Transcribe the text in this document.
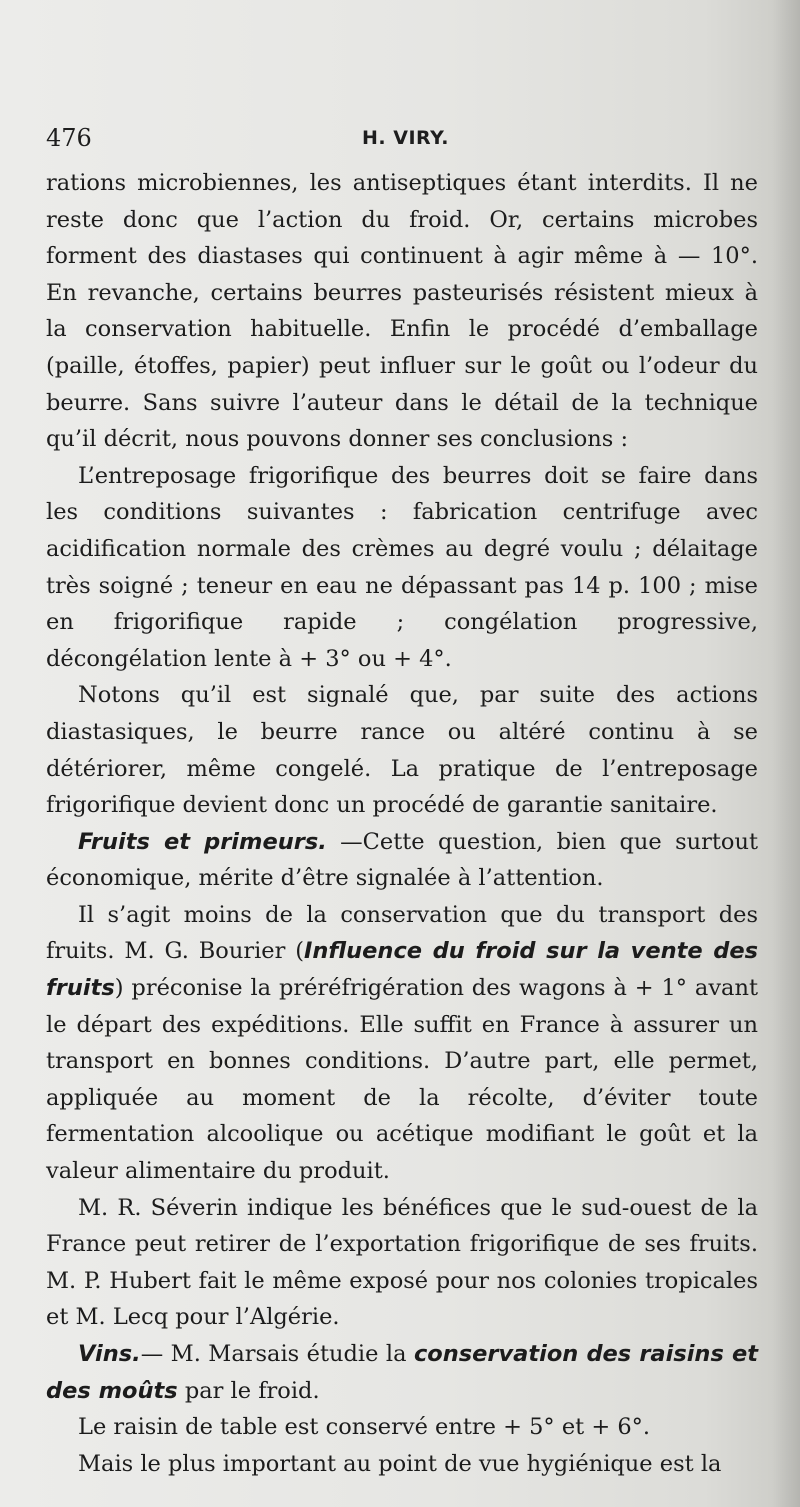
476	H. VIRY.

rations microbiennes, les antiseptiques étant interdits. Il ne reste donc que l’action du froid. Or, certains microbes forment des diastases qui continuent à agir même à — 10°. En revanche, certains beurres pasteurisés résistent mieux à la conservation habituelle. Enfin le procédé d’emballage (paille, étoffes, papier) peut influer sur le goût ou l’odeur du beurre. Sans suivre l’auteur dans le détail de la technique qu’il décrit, nous pouvons donner ses conclusions :

L’entreposage frigorifique des beurres doit se faire dans les conditions suivantes : fabrication centrifuge avec acidification normale des crèmes au degré voulu ; délaitage très soigné ; teneur en eau ne dépassant pas 14 p. 100 ; mise en frigorifique rapide ; congélation progressive, décongélation lente à + 3° ou + 4°.

Notons qu’il est signalé que, par suite des actions diastasiques, le beurre rance ou altéré continu à se détériorer, même congelé. La pratique de l’entreposage frigorifique devient donc un procédé de garantie sanitaire.

Fruits et primeurs. —Cette question, bien que surtout économique, mérite d’être signalée à l’attention.

Il s’agit moins de la conservation que du transport des fruits. M. G. Bourier (Influence du froid sur la vente des fruits) préconise la préréfrigération des wagons à + 1° avant le départ des expéditions. Elle suffit en France à assurer un transport en bonnes conditions. D’autre part, elle permet, appliquée au moment de la récolte, d’éviter toute fermentation alcoolique ou acétique modifiant le goût et la valeur alimentaire du produit.

M. R. Séverin indique les bénéfices que le sud-ouest de la France peut retirer de l’exportation frigorifique de ses fruits. M. P. Hubert fait le même exposé pour nos colonies tropicales et M. Lecq pour l’Algérie.

Vins.— M. Marsais étudie la conservation des raisins et des moûts par le froid.

Le raisin de table est conservé entre + 5° et + 6°.

Mais le plus important au point de vue hygiénique est la
